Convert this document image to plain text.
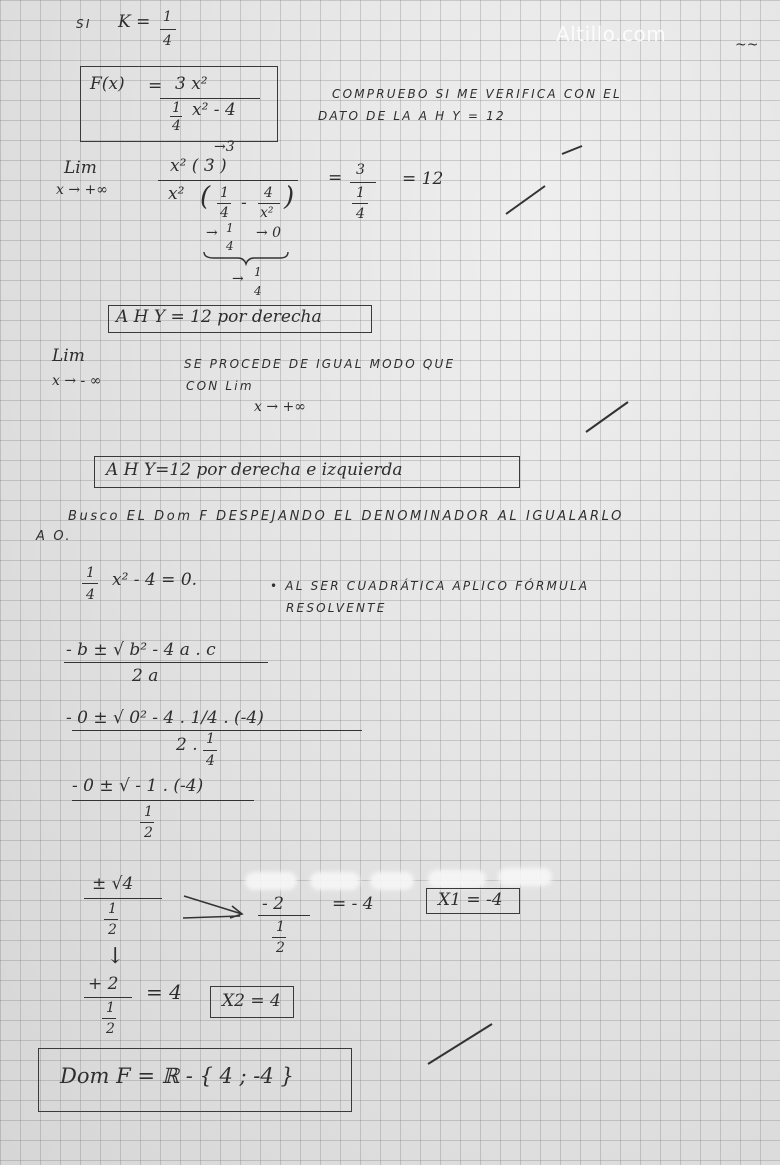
Altillo.com	~~
SI K = 1
4
F(x) = 3 x²
1
4
x² - 4
COMPRUEBO SI ME VERIFICA CON EL
DATO DE LA A H Y = 12
Lim
x → +∞
→3
x² ( 3 )
x² ( 1
4 - 4
x²
)
= 3
1
4
= 12
→ 1
4
→ 0
→ 1
4
A H Y = 12 por derecha
Lim
x → - ∞
SE PROCEDE DE IGUAL MODO QUE
CON Lim
x → +∞
A H Y=12 por derecha e izquierda
Busco EL Dom F DESPEJANDO EL DENOMINADOR AL IGUALARLO
A O.
1
4
x² - 4 = 0.	• AL SER CUADRÁTICA APLICO FÓRMULA
RESOLVENTE
- b ± √ b² - 4 a . c
2 a
- 0 ± √ 0² - 4 . 1/4 . (-4)
2 . 1
4
- 0 ± √ - 1 . (-4)
1
2
± √4
1
2
- 2
1
2
= - 4	X1 = -4
↓
+ 2
1
2
= 4 X2 = 4
Dom F = ℝ - { 4 ; -4 }
